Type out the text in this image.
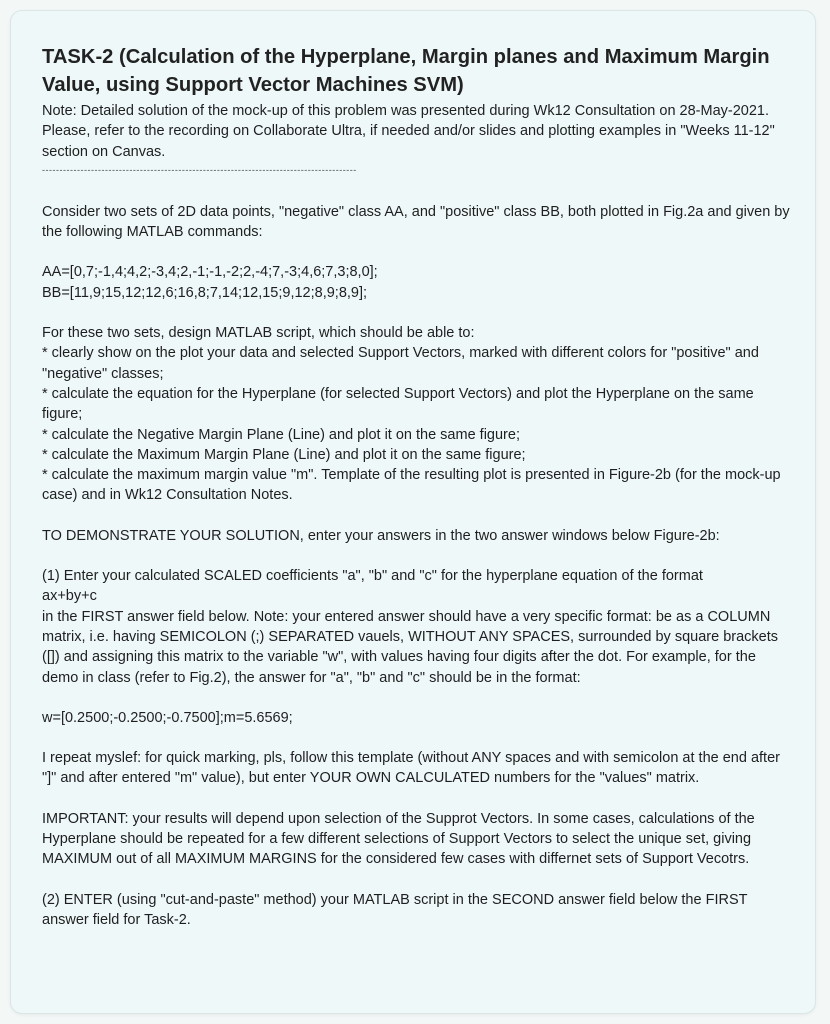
TASK-2 (Calculation of the Hyperplane, Margin planes and Maximum Margin Value, using Support Vector Machines SVM)

Note: Detailed solution of the mock-up of this problem was presented during Wk12 Consultation on 28-May-2021. Please, refer to the recording on Collaborate Ultra, if needed and/or slides and plotting examples in "Weeks 11-12" section on Canvas.

------------------------------------------------------------------------------------------

Consider two sets of 2D data points, "negative" class AA, and "positive" class BB, both plotted in Fig.2a and given by the following MATLAB commands:

AA=[0,7;-1,4;4,2;-3,4;2,-1;-1,-2;2,-4;7,-3;4,6;7,3;8,0];

BB=[11,9;15,12;12,6;16,8;7,14;12,15;9,12;8,9;8,9];

For these two sets, design MATLAB script, which should be able to:

* clearly show on the plot your data and selected Support Vectors, marked with different colors for "positive" and "negative" classes;

* calculate the equation for the Hyperplane (for selected Support Vectors) and plot the Hyperplane on the same figure;

* calculate the Negative Margin Plane (Line) and plot it on the same figure;

* calculate the Maximum Margin Plane (Line) and plot it on the same figure;

* calculate the maximum margin value "m". Template of the resulting plot is presented in Figure-2b (for the mock-up case) and in Wk12 Consultation Notes.

TO DEMONSTRATE YOUR SOLUTION, enter your answers in the two answer windows below Figure-2b:

(1) Enter your calculated SCALED coefficients "a", "b" and "c" for the hyperplane equation of the format

ax+by+c

in the FIRST answer field below. Note: your entered answer should have a very specific format: be as a COLUMN matrix, i.e. having SEMICOLON (;) SEPARATED vauels, WITHOUT ANY SPACES, surrounded by square brackets ([]) and assigning this matrix to the variable "w", with values having four digits after the dot. For example, for the demo in class (refer to Fig.2), the answer for "a", "b" and "c" should be in the format:

w=[0.2500;-0.2500;-0.7500];m=5.6569;

I repeat myslef: for quick marking, pls, follow this template (without ANY spaces and with semicolon at the end after "]" and after entered "m" value), but enter YOUR OWN CALCULATED numbers for the "values" matrix.

IMPORTANT: your results will depend upon selection of the Supprot Vectors. In some cases, calculations of the Hyperplane should be repeated for a few different selections of Support Vectors to select the unique set, giving MAXIMUM out of all MAXIMUM MARGINS for the considered few cases with differnet sets of Support Vecotrs.

(2) ENTER (using "cut-and-paste" method) your MATLAB script in the SECOND answer field below the FIRST answer field for Task-2.
